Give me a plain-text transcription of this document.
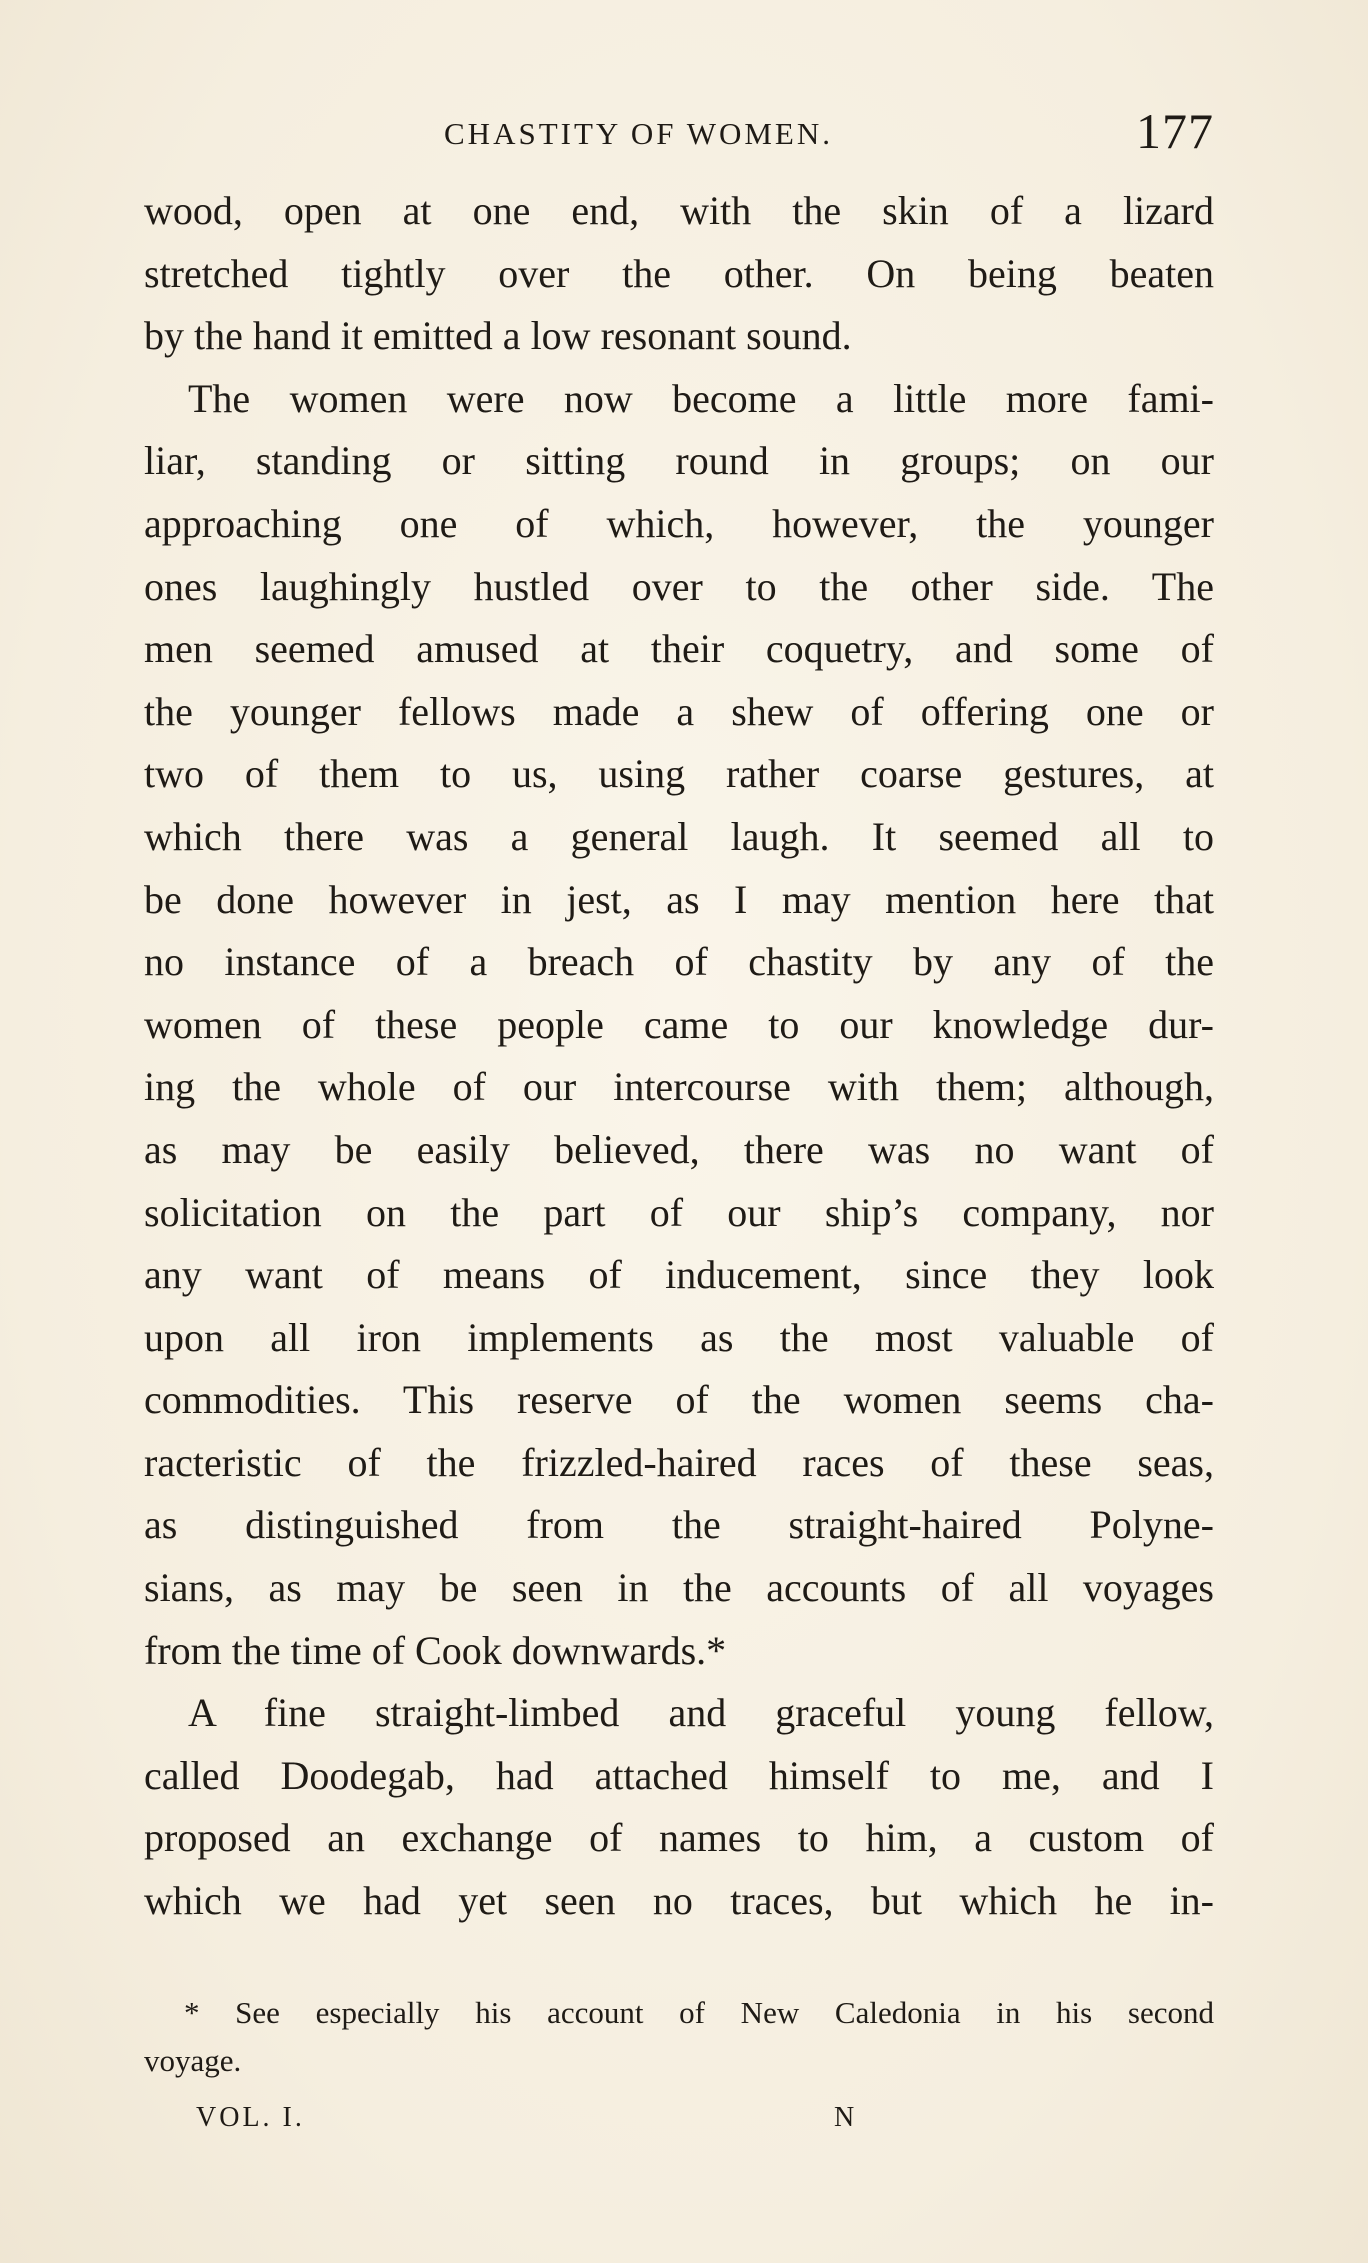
CHASTITY OF WOMEN.	177
wood, open at one end, with the skin of a lizard
stretched tightly over the other. On being beaten
by the hand it emitted a low resonant sound.
The women were now become a little more fami-
liar, standing or sitting round in groups; on our
approaching one of which, however, the younger
ones laughingly hustled over to the other side. The
men seemed amused at their coquetry, and some of
the younger fellows made a shew of offering one or
two of them to us, using rather coarse gestures, at
which there was a general laugh. It seemed all to
be done however in jest, as I may mention here that
no instance of a breach of chastity by any of the
women of these people came to our knowledge dur-
ing the whole of our intercourse with them; although,
as may be easily believed, there was no want of
solicitation on the part of our ship’s company, nor
any want of means of inducement, since they look
upon all iron implements as the most valuable of
commodities. This reserve of the women seems cha-
racteristic of the frizzled-haired races of these seas,
as distinguished from the straight-haired Polyne-
sians, as may be seen in the accounts of all voyages
from the time of Cook downwards.*
A fine straight-limbed and graceful young fellow,
called Doodegab, had attached himself to me, and I
proposed an exchange of names to him, a custom of
which we had yet seen no traces, but which he in-
* See especially his account of New Caledonia in his second
voyage.
VOL. I.	N
